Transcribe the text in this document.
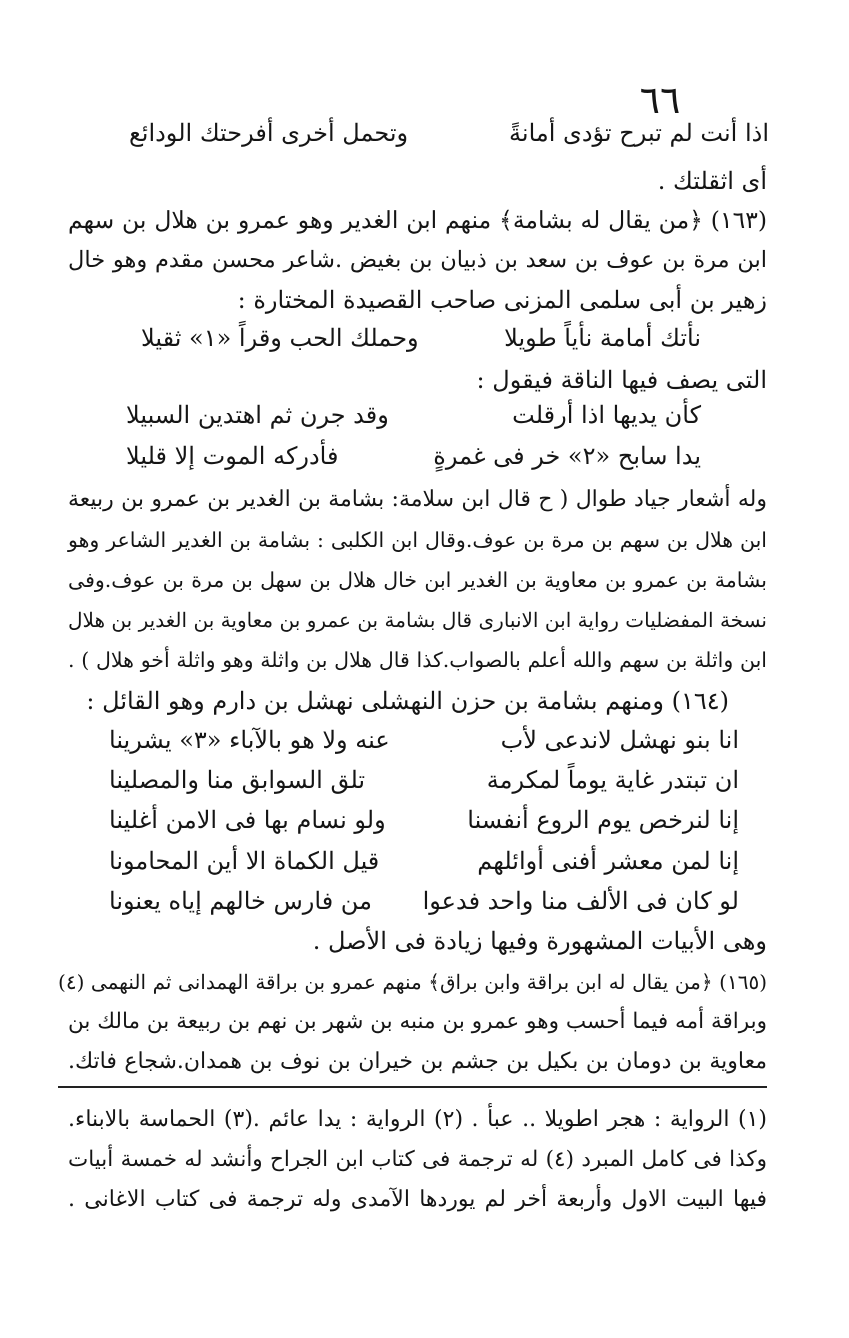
٦٦
اذا أنت لم تبرح تؤدى أمانةً
وتحمل أخرى أفرحتك الودائع
أى اثقلتك .
(١٦٣) ﴿من يقال له بشامة﴾ منهم ابن الغدير وهو عمرو بن هلال بن سهم
ابن مرة بن عوف بن سعد بن ذبيان بن بغيض .شاعر محسن مقدم وهو خال
زهير بن أبى سلمى المزنى صاحب القصيدة المختارة :
نأتك أمامة نأياً طويلا
وحملك الحب وقراً «١» ثقيلا
التى يصف فيها الناقة فيقول :
كأن يديها اذا أرقلت
وقد جرن ثم اهتدين السبيلا
يدا سابح «٢» خر فى غمرةٍ
فأدركه الموت إلا قليلا
وله أشعار جياد طوال ( ح قال ابن سلامة: بشامة بن الغدير بن عمرو بن ربيعة
ابن هلال بن سهم بن مرة بن عوف.وقال ابن الكلبى : بشامة بن الغدير الشاعر وهو
بشامة بن عمرو بن معاوية بن الغدير ابن خال هلال بن سهل بن مرة بن عوف.وفى
نسخة المفضليات رواية ابن الانبارى قال بشامة بن عمرو بن معاوية بن الغدير بن هلال
ابن واثلة بن سهم والله أعلم بالصواب.كذا قال هلال بن واثلة وهو واثلة أخو هلال ) .
(١٦٤) ومنهم بشامة بن حزن النهشلى نهشل بن دارم وهو القائل :
انا بنو نهشل لاندعى لأب
عنه ولا هو بالآباء «٣» يشرينا
ان تبتدر غاية يوماً لمكرمة
تلق السوابق منا والمصلينا
إنا لنرخص يوم الروع أنفسنا
ولو نسام بها فى الامن أغلينا
إنا لمن معشر أفنى أوائلهم
قيل الكماة الا أين المحامونا
لو كان فى الألف منا واحد فدعوا
من فارس خالهم إياه يعنونا
وهى الأبيات المشهورة وفيها زيادة فى الأصل .
(١٦٥) ﴿من يقال له ابن براقة وابن براق﴾ منهم عمرو بن براقة الهمدانى ثم النهمى (٤)
وبراقة أمه فيما أحسب وهو عمرو بن منبه بن شهر بن نهم بن ربيعة بن مالك بن
معاوية بن دومان بن بكيل بن جشم بن خيران بن نوف بن همدان.شجاع فاتك.
(١) الرواية : هجر اطويلا .. عبأ . (٢) الرواية : يدا عائم .(٣) الحماسة بالابناء.
وكذا فى كامل المبرد (٤) له ترجمة فى كتاب ابن الجراح وأنشد له خمسة أبيات
فيها البيت الاول وأربعة أخر لم يوردها الآمدى وله ترجمة فى كتاب الاغانى .
